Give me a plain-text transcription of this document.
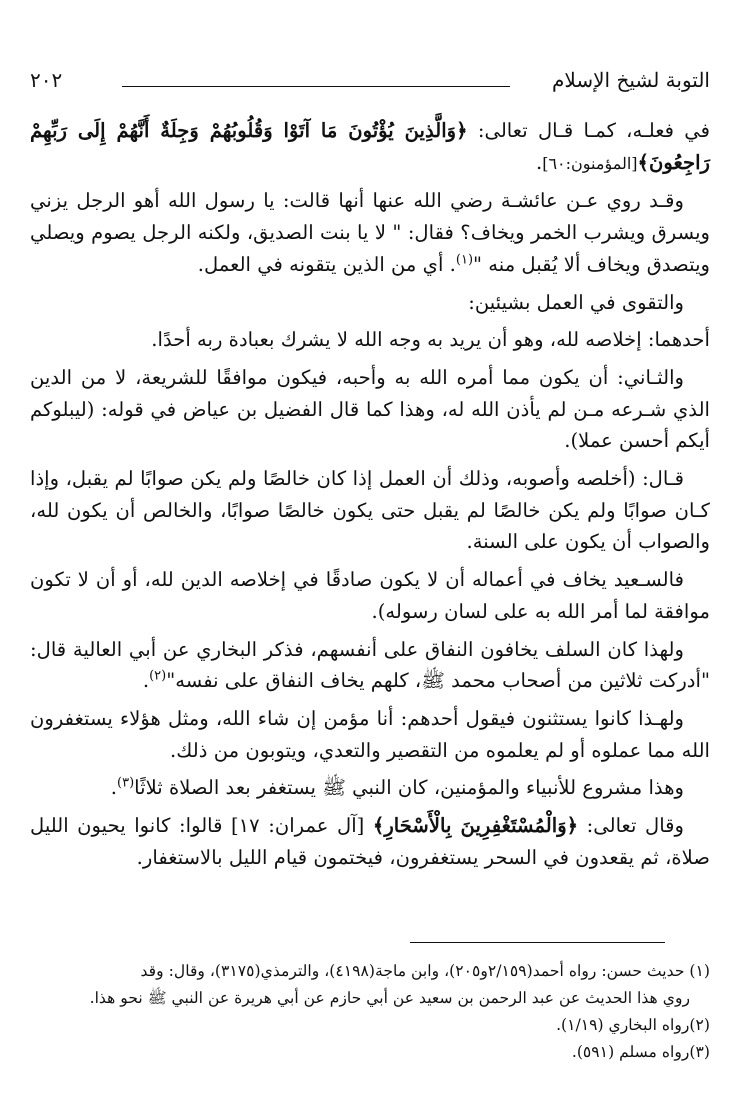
التوبة لشيخ الإسلام
٢٠٢

في فعلـه، كمـا قـال تعالى: ﴿وَالَّذِينَ يُؤْتُونَ مَا آتَوْا وَقُلُوبُهُمْ وَجِلَةٌ أَنَّهُمْ إِلَى رَبِّهِمْ رَاجِعُونَ﴾[المؤمنون:٦٠].

وقـد روي عـن عائشـة رضي الله عنها أنها قالت: يا رسول الله أهو الرجل يزني ويسرق ويشرب الخمر ويخاف؟ فقال: " لا يا بنت الصديق، ولكنه الرجل يصوم ويصلي ويتصدق ويخاف ألا يُقبل منه "$^{(١)}$. أي من الذين يتقونه في العمل.

والتقوى في العمل بشيئين:

أحدهما: إخلاصه لله، وهو أن يريد به وجه الله لا يشرك بعبادة ربه أحدًا.

والثـاني: أن يكون مما أمره الله به وأحبه، فيكون موافقًا للشريعة، لا من الدين الذي شـرعه مـن لم يأذن الله له، وهذا كما قال الفضيل بن عياض في قوله: (ليبلوكم أيكم أحسن عملا).

قـال: (أخلصه وأصوبه، وذلك أن العمل إذا كان خالصًا ولم يكن صوابًا لم يقبل، وإذا كـان صوابًا ولم يكن خالصًا لم يقبل حتى يكون خالصًا صوابًا، والخالص أن يكون لله، والصواب أن يكون على السنة.

فالسـعيد يخاف في أعماله أن لا يكون صادقًا في إخلاصه الدين لله، أو أن لا تكون موافقة لما أمر الله به على لسان رسوله).

ولهذا كان السلف يخافون النفاق على أنفسهم، فذكر البخاري عن أبي العالية قال: "أدركت ثلاثين من أصحاب محمد ﷺ، كلهم يخاف النفاق على نفسه"$^{(٢)}$.

ولهـذا كانوا يستثنون فيقول أحدهم: أنا مؤمن إن شاء الله، ومثل هؤلاء يستغفرون الله مما عملوه أو لم يعلموه من التقصير والتعدي، ويتوبون من ذلك.

وهذا مشروع للأنبياء والمؤمنين، كان النبي ﷺ يستغفر بعد الصلاة ثلاثًا$^{(٣)}$.

وقال تعالى: ﴿وَالْمُسْتَغْفِرِينَ بِالْأَسْحَارِ﴾ [آل عمران: ١٧] قالوا: كانوا يحيون الليل صلاة، ثم يقعدون في السحر يستغفرون، فيختمون قيام الليل بالاستغفار.

(١) حديث حسن: رواه أحمد(٢/١٥٩و٢٠٥)، وابن ماجة(٤١٩٨)، والترمذي(٣١٧٥)، وقال: وقد

روي هذا الحديث عن عبد الرحمن بن سعيد عن أبي حازم عن أبي هريرة عن النبي ﷺ نحو هذا.

(٢)رواه البخاري (١/١٩).

(٣)رواه مسلم (٥٩١).
